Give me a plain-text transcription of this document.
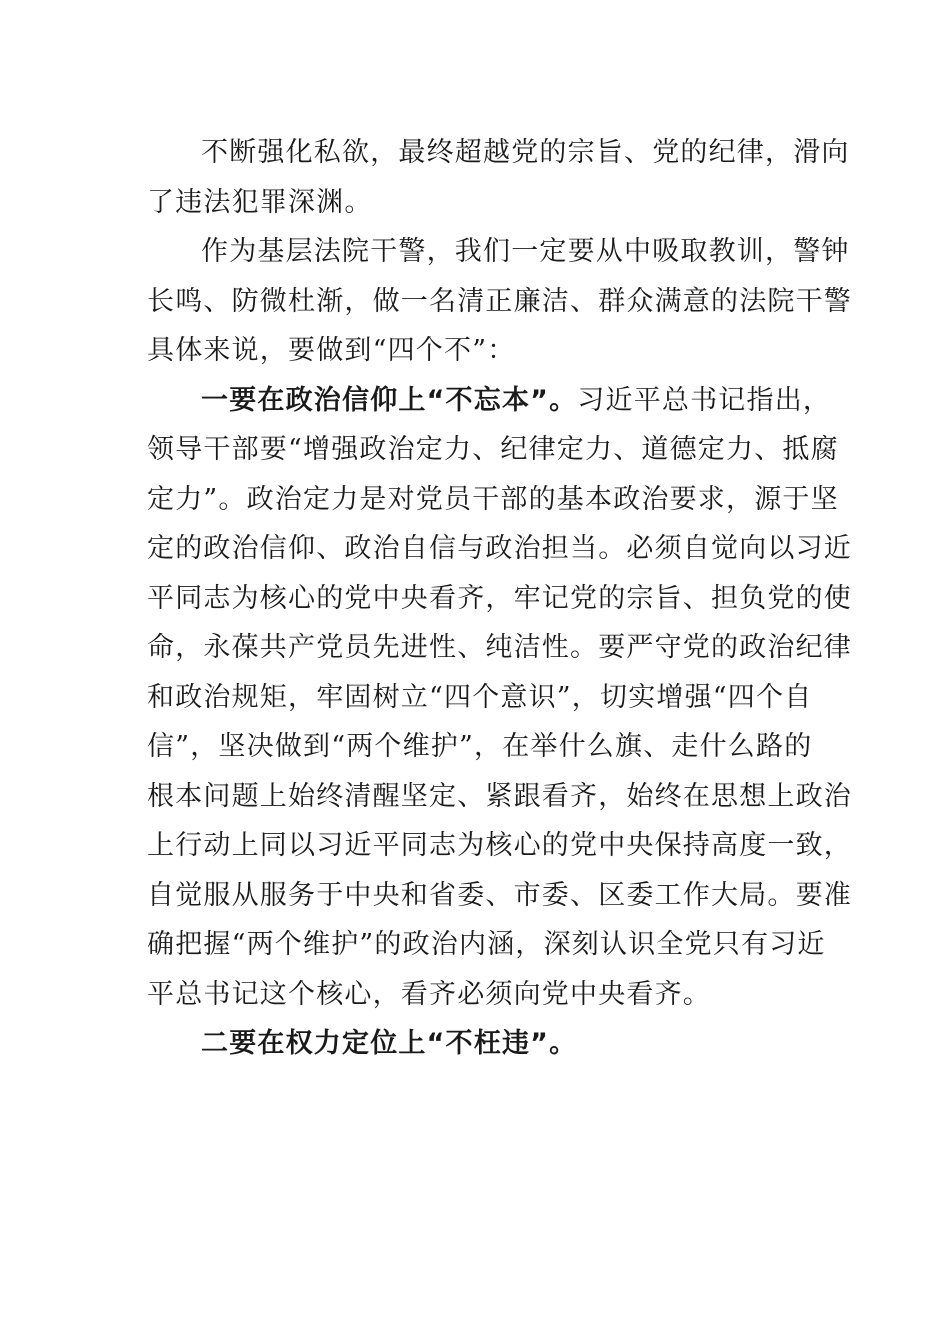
不断强化私欲，最终超越党的宗旨、党的纪律，滑向
了违法犯罪深渊。
作为基层法院干警，我们一定要从中吸取教训，警钟
长鸣、防微杜渐，做一名清正廉洁、群众满意的法院干警
具体来说，要做到“四个不”：
一要在政治信仰上“不忘本”。习近平总书记指出，
领导干部要“增强政治定力、纪律定力、道德定力、抵腐
定力”。政治定力是对党员干部的基本政治要求，源于坚
定的政治信仰、政治自信与政治担当。必须自觉向以习近
平同志为核心的党中央看齐，牢记党的宗旨、担负党的使
命，永葆共产党员先进性、纯洁性。要严守党的政治纪律
和政治规矩，牢固树立“四个意识”，切实增强“四个自
信”，坚决做到“两个维护”，在举什么旗、走什么路的
根本问题上始终清醒坚定、紧跟看齐，始终在思想上政治
上行动上同以习近平同志为核心的党中央保持高度一致，
自觉服从服务于中央和省委、市委、区委工作大局。要准
确把握“两个维护”的政治内涵，深刻认识全党只有习近
平总书记这个核心，看齐必须向党中央看齐。
二要在权力定位上“不枉违”。
